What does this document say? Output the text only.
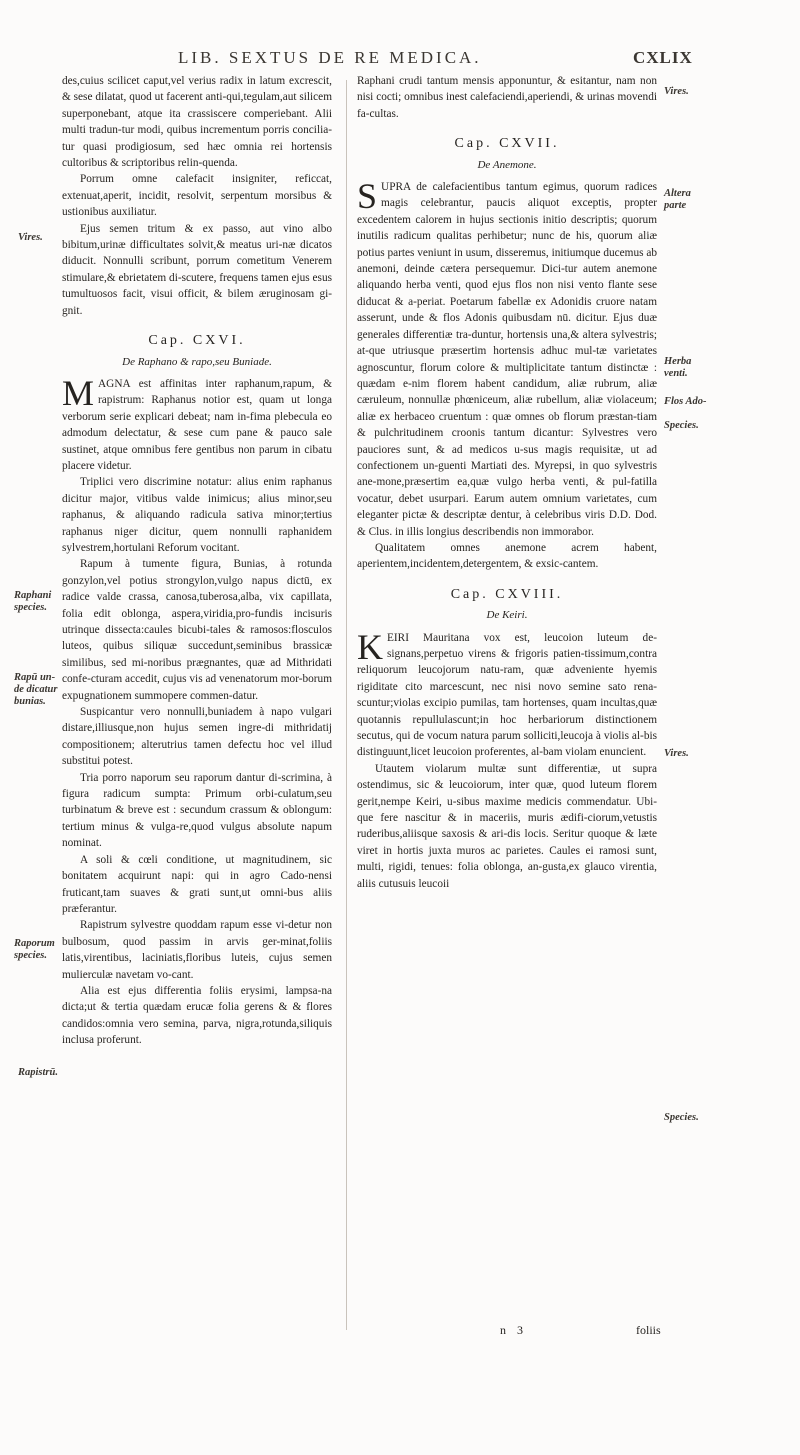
LIB. SEXTUS DE RE MEDICA.	CXLIX

des,cuius scilicet caput,vel verius radix in latum excrescit, & sese dilatat, quod ut facerent anti-qui,tegulam,aut silicem superponebant, atque ita crassiscere comperiebant. Alii multi tradun-tur modi, quibus incrementum porris concilia-tur quasi prodigiosum, sed hæc omnia rei hortensis cultoribus & scriptoribus relin-quenda.

Porrum omne calefacit insigniter, reficcat, extenuat,aperit, incidit, resolvit, serpentum morsibus & ustionibus auxiliatur.

Ejus semen tritum & ex passo, aut vino albo bibitum,urinæ difficultates solvit,& meatus uri-næ dicatos diducit. Nonnulli scribunt, porrum cometitum Venerem stimulare,& ebrietatem di-scutere, frequens tamen ejus esus tumultuosos facit, visui officit, & bilem æruginosam gi-gnit.

Cap. CXVI.
De Raphano & rapo,seu Buniade.

MAGNA est affinitas inter raphanum,rapum, & rapistrum: Raphanus notior est, quam ut longa verborum serie explicari debeat; nam in-fima plebecula eo admodum delectatur, & sese cum pane & pauco sale sustinet, atque omnibus fere gentibus non parum in cibatu placere videtur.

Triplici vero discrimine notatur: alius enim raphanus dicitur major, vitibus valde inimicus; alius minor,seu raphanus, & aliquando radicula sativa minor;tertius raphanus niger dicitur, quem nonnulli raphanidem sylvestrem,hortulani Reforum vocitant.

Rapum à tumente figura, Bunias, à rotunda gonzylon,vel potius strongylon,vulgo napus dictū, ex radice valde crassa, canosa,tuberosa,alba, vix capillata, folia edit oblonga, aspera,viridia,pro-fundis incisuris utrinque dissecta:caules bicubi-tales & ramosos:flosculos luteos, quibus siliquæ succedunt,seminibus brassicæ similibus, sed mi-noribus prægnantes, quæ ad Mithridati confe-cturam accedit, cujus vis ad venenatorum mor-borum expugnationem summopere commen-datur.

Suspicantur vero nonnulli,buniadem à napo vulgari distare,illiusque,non hujus semen ingre-di mithridatij compositionem; alterutrius tamen defectu hoc vel illud substitui potest.

Tria porro naporum seu raporum dantur di-scrimina, à figura radicum sumpta: Primum orbi-culatum,seu turbinatum & breve est : secundum crassum & oblongum: tertium minus & vulga-re,quod vulgus absolute napum nominat.

A soli & cœli conditione, ut magnitudinem, sic bonitatem acquirunt napi: qui in agro Cado-nensi fruticant,tam suaves & grati sunt,ut omni-bus aliis præferantur.

Rapistrum sylvestre quoddam rapum esse vi-detur non bulbosum, quod passim in arvis ger-minat,foliis latis,virentibus, laciniatis,floribus luteis, cujus semen mulierculæ navetam vo-cant.

Alia est ejus differentia foliis erysimi, lampsa-na dicta;ut & tertia quædam erucæ folia gerens & & flores candidos:omnia vero semina, parva, nigra,rotunda,siliquis inclusa proferunt.

Raphani crudi tantum mensis apponuntur, & esitantur, nam non nisi cocti; omnibus inest calefaciendi,aperiendi, & urinas movendi fa-cultas.

Cap. CXVII.
De Anemone.

SUPRA de calefacientibus tantum egimus, quorum radices magis celebrantur, paucis aliquot exceptis, propter excedentem calorem in hujus sectionis initio descriptis; quorum inutilis radicum qualitas perhibetur; nunc de his, quorum aliæ potius partes veniunt in usum, disseremus, initiumque ducemus ab anemoni, deinde cætera persequemur. Dici-tur autem anemone aliquando herba venti, quod ejus flos non nisi vento flante sese diducat & a-periat. Poetarum fabellæ ex Adonidis cruore natam asserunt, unde & flos Adonis quibusdam nū. dicitur. Ejus duæ generales differentiæ tra-duntur, hortensis una,& altera sylvestris; at-que utriusque præsertim hortensis adhuc mul-tæ varietates agnoscuntur, florum colore & multiplicitate tantum distinctæ : quædam e-nim florem habent candidum, aliæ rubrum, aliæ cæruleum, nonnullæ phœniceum, aliæ rubellum, aliæ violaceum; aliæ ex herbaceo cruentum : quæ omnes ob florum præstan-tiam & pulchritudinem croonis tantum dicantur: Sylvestres vero pauciores sunt, & ad medicos u-sus magis requisitæ, ut ad confectionem un-guenti Martiati des. Myrepsi, in quo sylvestris ane-mone,præsertim ea,quæ vulgo herba venti, & pul-fatilla vocatur, debet usurpari. Earum autem omnium varietates, cum eleganter pictæ & descriptæ dentur, à celebribus viris D.D. Dod. & Clus. in illis longius describendis non immorabor.

Qualitatem omnes anemone acrem habent, aperientem,incidentem,detergentem, & exsic-cantem.

Cap. CXVIII.
De Keiri.

KEIRI Mauritana vox est, leucoion luteum de-signans,perpetuo virens & frigoris patien-tissimum,contra reliquorum leucojorum natu-ram, quæ adveniente hyemis rigiditate cito marcescunt, nec nisi novo semine sato rena-scuntur;violas excipio pumilas, tam hortenses, quam incultas,quæ quotannis repullulascunt;in hoc herbariorum distinctionem secutus, qui de vocum natura parum solliciti,leucoja à violis al-bis distinguunt,licet leucoion proferentes, al-bam violam enuncient.

Utautem violarum multæ sunt differentiæ, ut supra ostendimus, sic & leucoiorum, inter quæ, quod luteum florem gerit,nempe Keiri, u-sibus maxime medicis commendatur. Ubi-que fere nascitur & in maceriis, muris ædifi-ciorum,vetustis ruderibus,aliisque saxosis & ari-dis locis. Seritur quoque & læte viret in hortis juxta muros ac parietes. Caules ei ramosi sunt, multi, rigidi, tenues: folia oblonga, an-gusta,ex glauco virentia, aliis cutusuis leucoii

Vires.
Raphani species.
Rapū un-de dicatur bunias.
Raporum species.
Rapistrū.
Vires.
Altera parte
Herba venti.
Flos Ado-
Species.
Vires.
Species.
n 3	foliis
